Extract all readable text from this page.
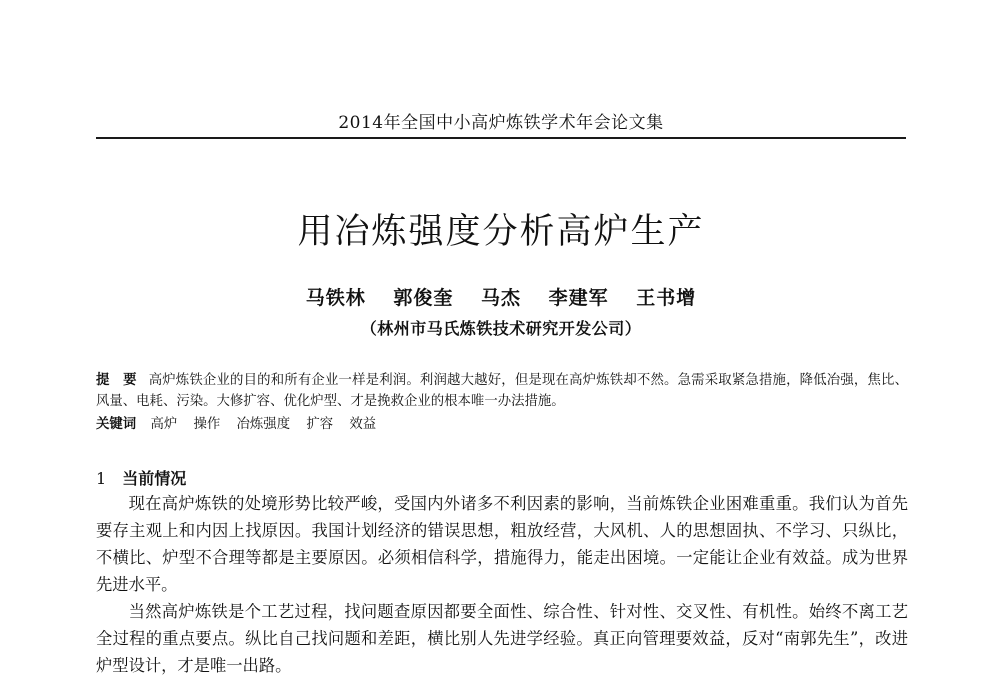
2014年全国中小高炉炼铁学术年会论文集
用冶炼强度分析高炉生产
马铁林 郭俊奎 马杰 李建军 王书增
（林州市马氏炼铁技术研究开发公司）
提　要 高炉炼铁企业的目的和所有企业一样是利润。利润越大越好，但是现在高炉炼铁却不然。急需采取紧急措施，降低冶强，焦比、风量、电耗、污染。大修扩容、优化炉型、才是挽救企业的根本唯一办法措施。
关键词 高炉 操作 冶炼强度 扩容 效益
1 当前情况

现在高炉炼铁的处境形势比较严峻，受国内外诸多不利因素的影响，当前炼铁企业困难重重。我们认为首先要存主观上和内因上找原因。我国计划经济的错误思想，粗放经营，大风机、人的思想固执、不学习、只纵比，不横比、炉型不合理等都是主要原因。必须相信科学，措施得力，能走出困境。一定能让企业有效益。成为世界先进水平。

当然高炉炼铁是个工艺过程，找问题查原因都要全面性、综合性、针对性、交叉性、有机性。始终不离工艺全过程的重点要点。纵比自己找问题和差距，横比别人先进学经验。真正向管理要效益，反对“南郭先生”，改进炉型设计，才是唯一出路。
